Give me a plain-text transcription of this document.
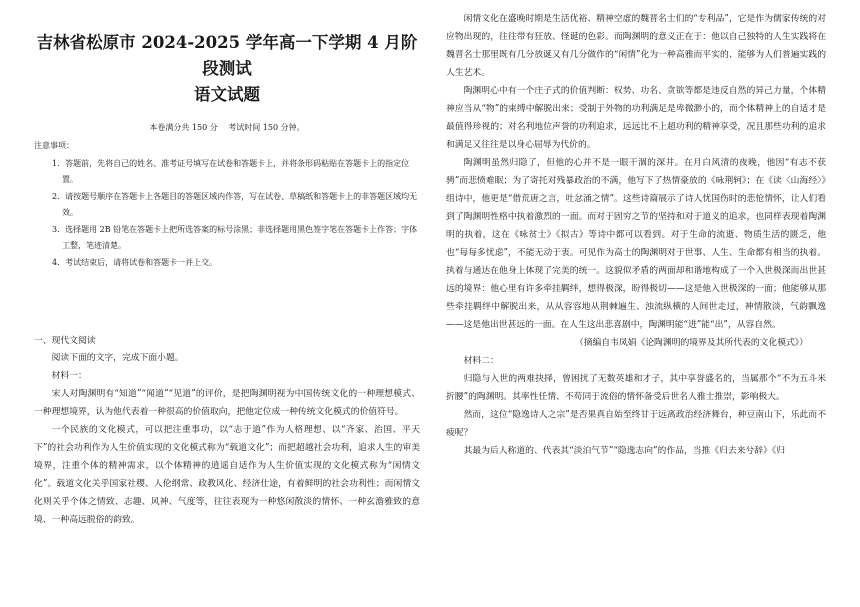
吉林省松原市 2024-2025 学年高一下学期 4 月阶段测试
语文试题
本卷满分共 150 分　 考试时间 150 分钟。
注意事项：
1．答题前，先将自己的姓名、准考证号填写在试卷和答题卡上，并将条形码粘贴在答题卡上的指定位置。
2．请按题号顺序在答题卡上各题目的答题区域内作答，写在试卷、草稿纸和答题卡上的非答题区域均无效。
3．选择题用 2B 铅笔在答题卡上把所选答案的标号涂黑；非选择题用黑色签字笔在答题卡上作答；字体工整，笔迹清楚。
4．考试结束后，请将试卷和答题卡一并上交。
一、现代文阅读

阅读下面的文字，完成下面小题。

材料一：

宋人对陶渊明有“知道”“闻道”“见道”的评价，是把陶渊明视为中国传统文化的一种理想模式、一种理想境界，认为他代表着一种很高的价值取向，把他定位成一种传统文化模式的价值符号。

一个民族的文化模式，可以把注重事功，以“志于道”作为人格理想、以“齐家、治国、平天下”的社会功利作为人生价值实现的文化模式称为“载道文化”；而把超越社会功利，追求人生的审美境界，注重个体的精神需求，以个体精神的逍遥自适作为人生价值实现的文化模式称为“闲情文化”。载道文化关乎国家社稷、人伦纲常、政教风化、经济仕途，有着鲜明的社会功利性；而闲情文化则关乎个体之情致、志趣、风神、气度等，往往表现为一种悠闲散淡的情怀、一种玄澹雅致的意境、一种高远脱俗的韵致。

闲情文化在盛晚时期是生活优裕、精神空虚的魏晋名士们的“专利品”，它是作为儒家传统的对应物出现的，往往带有狂放、怪诞的色彩。而陶渊明的意义正在于：他以自己独特的人生实践将在魏晋名士那里既有几分放诞又有几分做作的“闲情”化为一种高雅而平实的、能够为人们普遍实践的人生艺术。

陶渊明心中有一个庄子式的价值判断：权势、功名、贪欲等都是违反自然的异己力量，个体精神应当从“物”的束缚中解脱出来；受制于外物的功利满足是卑微渺小的，而个体精神上的自适才是最值得珍视的；对名利地位声誉的功利追求，远远比不上超功利的精神享受，况且那些功利的追求和满足又往往是以身心屈辱为代价的。

陶渊明虽然归隐了，但他的心并不是一眼干涸的深井。在月白风清的夜晚，他因“有志不获骋”而悲愤难眠；为了寄托对残暴政治的不满，他写下了热情豪放的《咏荆轲》；在《读〈山海经〉》组诗中，他更是“借荒唐之言，吐忿涌之情”。这些诗篇展示了诗人忧国伤时的悲怆情怀，让人们看到了陶渊明性格中执着激烈的一面。而对于固穷之节的坚持和对于道义的追求，也同样表现着陶渊明的执着，这在《咏贫士》《拟古》等诗中都可以看到。对于生命的流逝、物质生活的匮乏，他也“每每多忧虑”，不能无动于衷。可见作为高士的陶渊明对于世事、人生、生命都有相当的执着。执着与通达在他身上体现了完美的统一。这貌似矛盾的两面却和谐地构成了一个入世极深而出世甚远的境界：他心里有许多牵挂羁绊，想得极深，盼得极切——这是他入世极深的一面；他能够从那些牵挂羁绊中解脱出来，从从容容地从荆棘遍生、浊流纵横的人间世走过，神情散淡，气韵飘逸——这是他出世甚远的一面。在人生这出悲喜剧中，陶渊明能“进”能“出”，从容自然。

（摘编自韦凤娟《论陶渊明的境界及其所代表的文化模式》）

材料二：

归隐与入世的两难抉择，曾困扰了无数英雄和才子，其中享誉盛名的，当属那个“不为五斗米折腰”的陶渊明。其率性任情、不苟同于流俗的情怀备受后世名人雅士推崇，影响极大。

然而，这位“隐逸诗人之宗”是否果真自始至终甘于远离政治经济舞台，种豆南山下，乐此而不疲呢？

其最为后人称道的、代表其“淡泊气节”“隐逸志向”的作品，当推《归去来兮辞》《归
